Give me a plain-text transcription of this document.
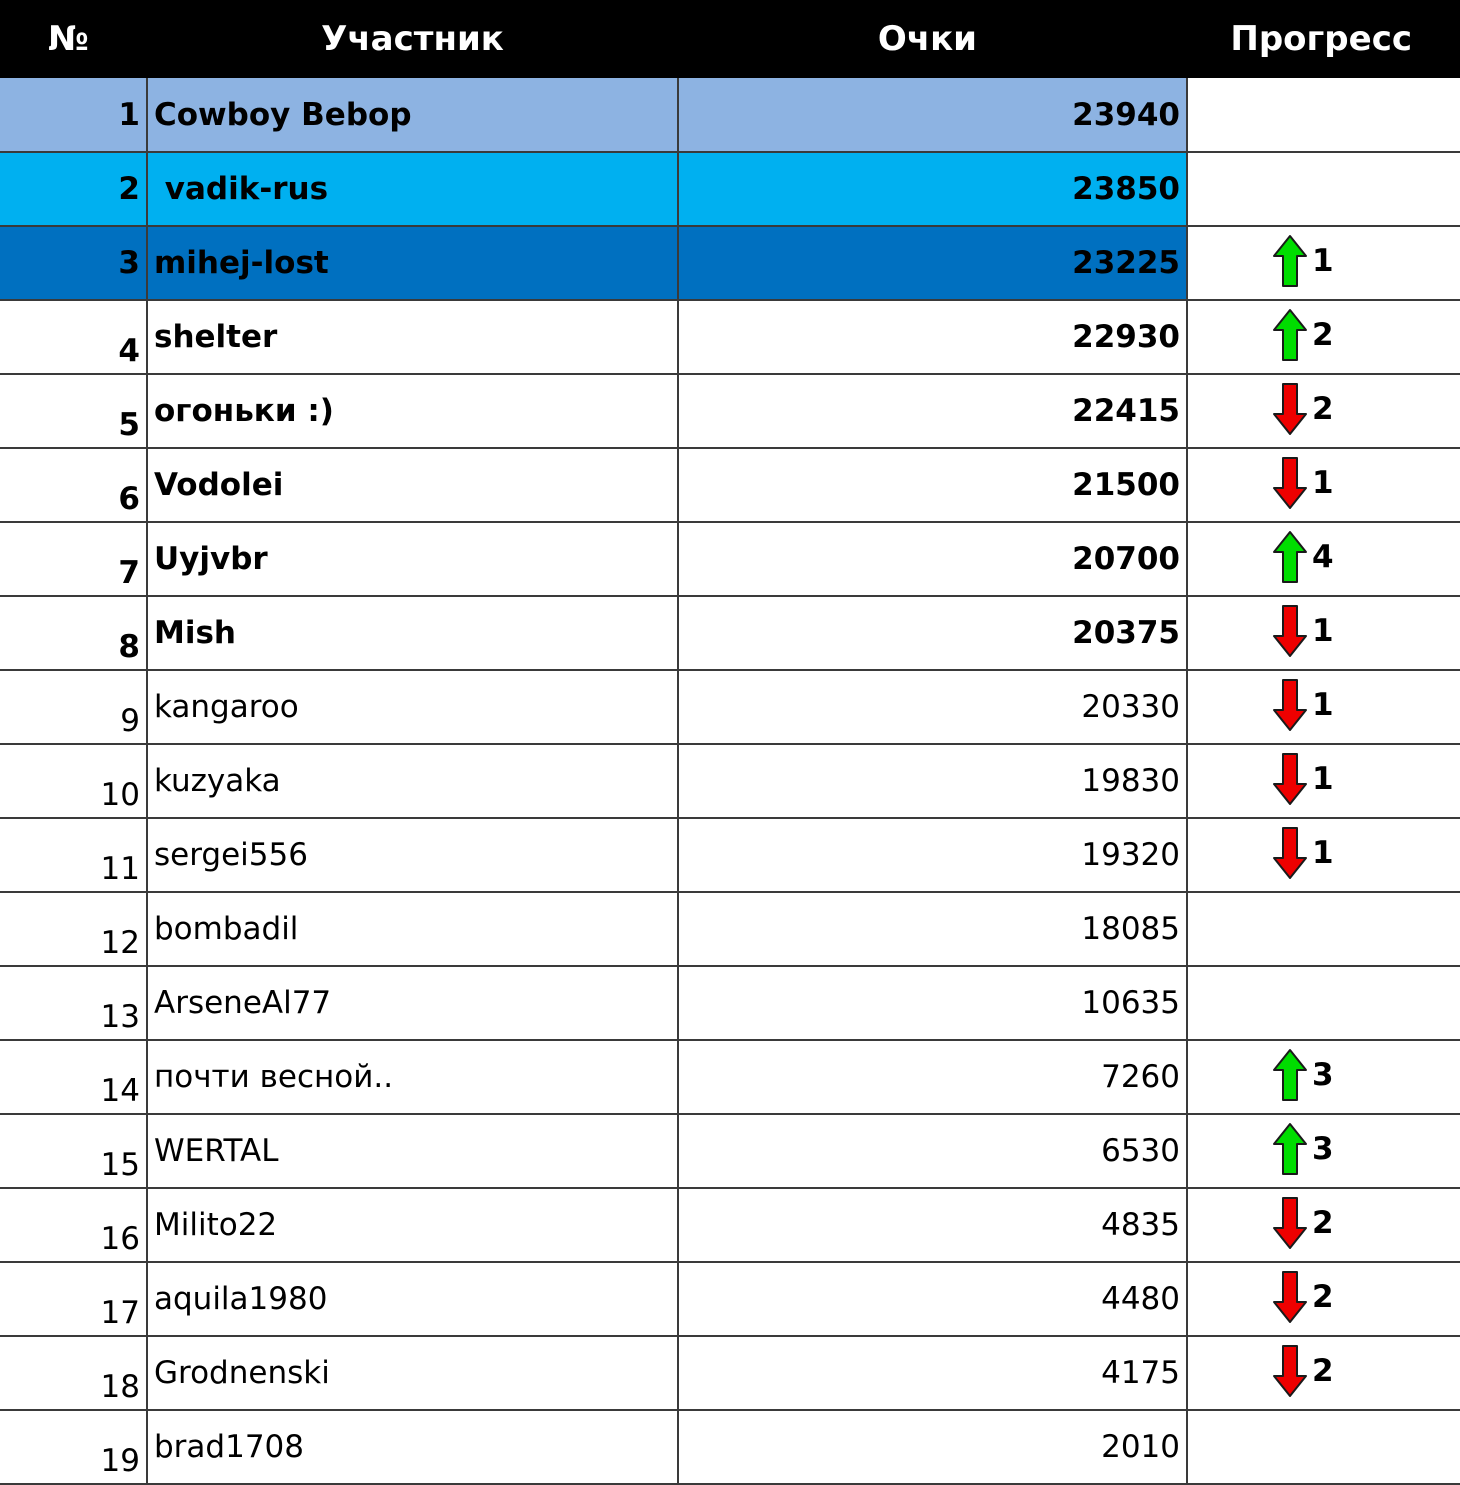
№	Участник	Очки	Прогресс
1	Cowboy Bebop	23940	
2	vadik-rus	23850	
3	mihej-lost	23225	1

4	shelter	22930	2

5	огоньки :)	22415	2

6	Vodolei	21500	1

7	Uyjvbr	20700	4

8	Mish	20375	1

9	kangaroo	20330	1

10	kuzyaka	19830	1

11	sergei556	19320	1

12	bombadil	18085	
13	ArseneAl77	10635	
14	почти весной..	7260	3

15	WERTAL	6530	3

16	Milito22	4835	2

17	aquila1980	4480	2

18	Grodnenski	4175	2

19	brad1708	2010	
